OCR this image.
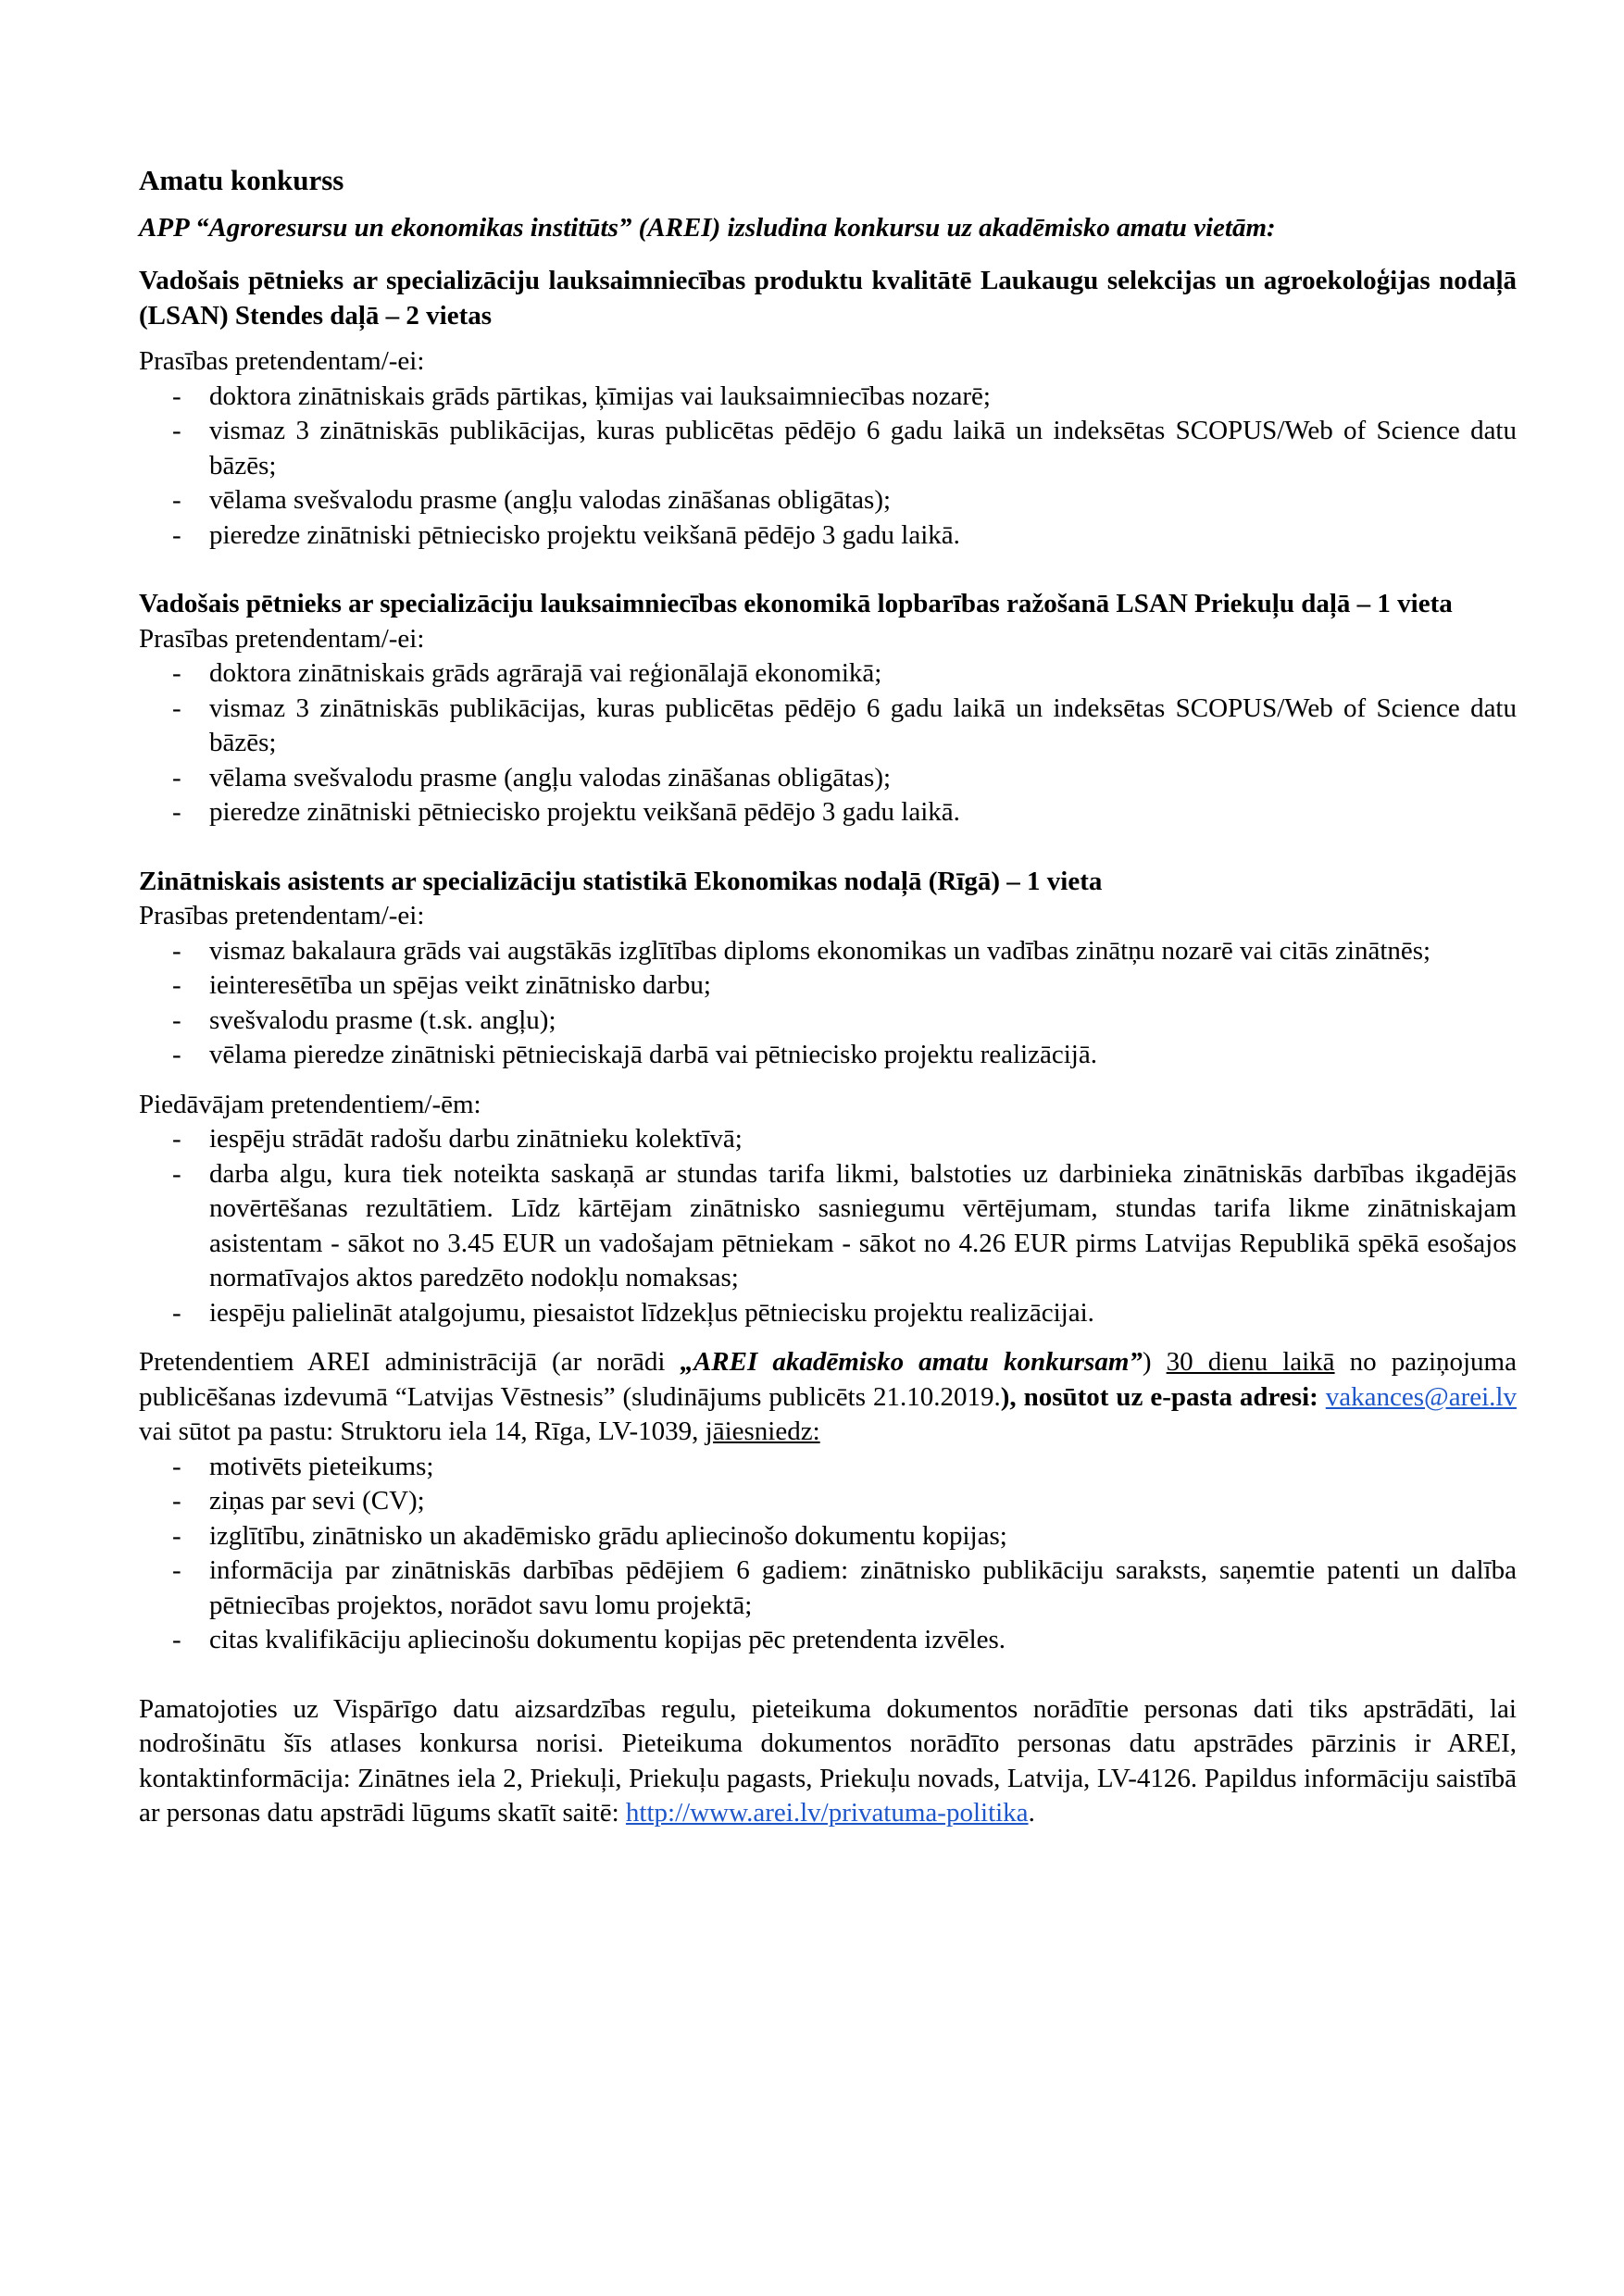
Amatu konkurss
APP “Agroresursu un ekonomikas institūts” (AREI) izsludina konkursu uz akadēmisko amatu vietām:
Vadošais pētnieks ar specializāciju lauksaimniecības produktu kvalitātē Laukaugu selekcijas un agroekoloģijas nodaļā (LSAN) Stendes daļā – 2 vietas
Prasības pretendentam/-ei:
- doktora zinātniskais grāds pārtikas, ķīmijas vai lauksaimniecības nozarē;
- vismaz 3 zinātniskās publikācijas, kuras publicētas pēdējo 6 gadu laikā un indeksētas SCOPUS/Web of Science datu bāzēs;
- vēlama svešvalodu prasme (angļu valodas zināšanas obligātas);
- pieredze zinātniski pētniecisko projektu veikšanā pēdējo 3 gadu laikā.
Vadošais pētnieks ar specializāciju lauksaimniecības ekonomikā lopbarības ražošanā LSAN Priekuļu daļā – 1 vieta
Prasības pretendentam/-ei:
- doktora zinātniskais grāds agrārajā vai reģionālajā ekonomikā;
- vismaz 3 zinātniskās publikācijas, kuras publicētas pēdējo 6 gadu laikā un indeksētas SCOPUS/Web of Science datu bāzēs;
- vēlama svešvalodu prasme (angļu valodas zināšanas obligātas);
- pieredze zinātniski pētniecisko projektu veikšanā pēdējo 3 gadu laikā.
Zinātniskais asistents ar specializāciju statistikā Ekonomikas nodaļā (Rīgā) – 1 vieta
Prasības pretendentam/-ei:
- vismaz bakalaura grāds vai augstākās izglītības diploms ekonomikas un vadības zinātņu nozarē vai citās zinātnēs;
- ieinteresētība un spējas veikt zinātnisko darbu;
- svešvalodu prasme (t.sk. angļu);
- vēlama pieredze zinātniski pētnieciskajā darbā vai pētniecisko projektu realizācijā.
Piedāvājam pretendentiem/-ēm:
- iespēju strādāt radošu darbu zinātnieku kolektīvā;
- darba algu, kura tiek noteikta saskaņā ar stundas tarifa likmi, balstoties uz darbinieka zinātniskās darbības ikgadējās novērtēšanas rezultātiem. Līdz kārtējam zinātnisko sasniegumu vērtējumam, stundas tarifa likme zinātniskajam asistentam - sākot no 3.45 EUR un vadošajam pētniekam - sākot no 4.26 EUR pirms Latvijas Republikā spēkā esošajos normatīvajos aktos paredzēto nodokļu nomaksas;
- iespēju palielināt atalgojumu, piesaistot līdzekļus pētniecisku projektu realizācijai.

Pretendentiem AREI administrācijā (ar norādi „AREI akadēmisko amatu konkursam”) 30 dienu laikā no paziņojuma publicēšanas izdevumā “Latvijas Vēstnesis” (sludinājums publicēts 21.10.2019.), nosūtot uz e-pasta adresi: vakances@arei.lv vai sūtot pa pastu: Struktoru iela 14, Rīga, LV-1039, jāiesniedz:

- motivēts pieteikums;
- ziņas par sevi (CV);
- izglītību, zinātnisko un akadēmisko grādu apliecinošo dokumentu kopijas;
- informācija par zinātniskās darbības pēdējiem 6 gadiem: zinātnisko publikāciju saraksts, saņemtie patenti un dalība pētniecības projektos, norādot savu lomu projektā;
- citas kvalifikāciju apliecinošu dokumentu kopijas pēc pretendenta izvēles.

Pamatojoties uz Vispārīgo datu aizsardzības regulu, pieteikuma dokumentos norādītie personas dati tiks apstrādāti, lai nodrošinātu šīs atlases konkursa norisi. Pieteikuma dokumentos norādīto personas datu apstrādes pārzinis ir AREI, kontaktinformācija: Zinātnes iela 2, Priekuļi, Priekuļu pagasts, Priekuļu novads, Latvija, LV-4126. Papildus informāciju saistībā ar personas datu apstrādi lūgums skatīt saitē: http://www.arei.lv/privatuma-politika.
